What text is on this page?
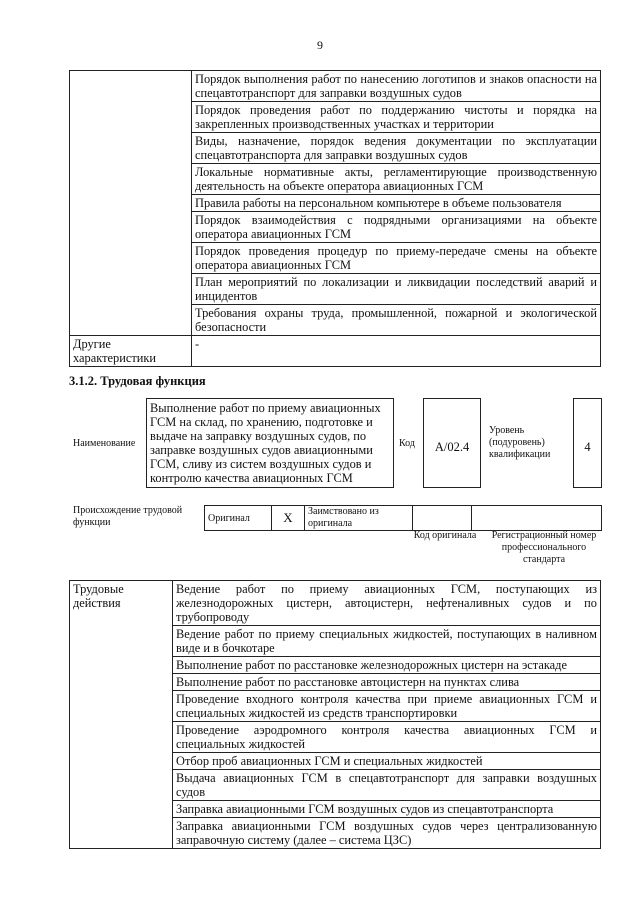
9
	Порядок выполнения работ по нанесению логотипов и знаков опасности на спецавтотранспорт для заправки воздушных судов
	Порядок проведения работ по поддержанию чистоты и порядка на закрепленных производственных участках и территории
	Виды, назначение, порядок ведения документации по эксплуатации спецавтотранспорта для заправки воздушных судов
	Локальные нормативные акты, регламентирующие производственную деятельность на объекте оператора авиационных ГСМ
	Правила работы на персональном компьютере в объеме пользователя
	Порядок взаимодействия с подрядными организациями на объекте оператора авиационных ГСМ
	Порядок проведения процедур по приему-передаче смены на объекте оператора авиационных ГСМ
	План мероприятий по локализации и ликвидации последствий аварий и инцидентов
	Требования охраны труда, промышленной, пожарной и экологической безопасности
Другие характеристики	-
3.1.2. Трудовая функция
Наименование
Выполнение работ по приему авиационных ГСМ на склад, по хранению, подготовке и выдаче на заправку воздушных судов, по заправке воздушных судов авиационными ГСМ, сливу из систем воздушных судов и контролю качества авиационных ГСМ
Код	А/02.4
Уровень (подуровень) квалификации
4
Происхождение трудовой функции	Оригинал	X	Заимствовано из оригинала		
Код оригинала	Регистрационный номер профессионального стандарта
Трудовые действия	Ведение работ по приему авиационных ГСМ, поступающих из железнодорожных цистерн, автоцистерн, нефтеналивных судов и по трубопроводу
Ведение работ по приему специальных жидкостей, поступающих в наливном виде и в бочкотаре
Выполнение работ по расстановке железнодорожных цистерн на эстакаде
Выполнение работ по расстановке автоцистерн на пунктах слива
Проведение входного контроля качества при приеме авиационных ГСМ и специальных жидкостей из средств транспортировки
Проведение аэродромного контроля качества авиационных ГСМ и специальных жидкостей
Отбор проб авиационных ГСМ и специальных жидкостей
Выдача авиационных ГСМ в спецавтотранспорт для заправки воздушных судов
Заправка авиационными ГСМ воздушных судов из спецавтотранспорта
Заправка авиационными ГСМ воздушных судов через централизованную заправочную систему (далее – система ЦЗС)
